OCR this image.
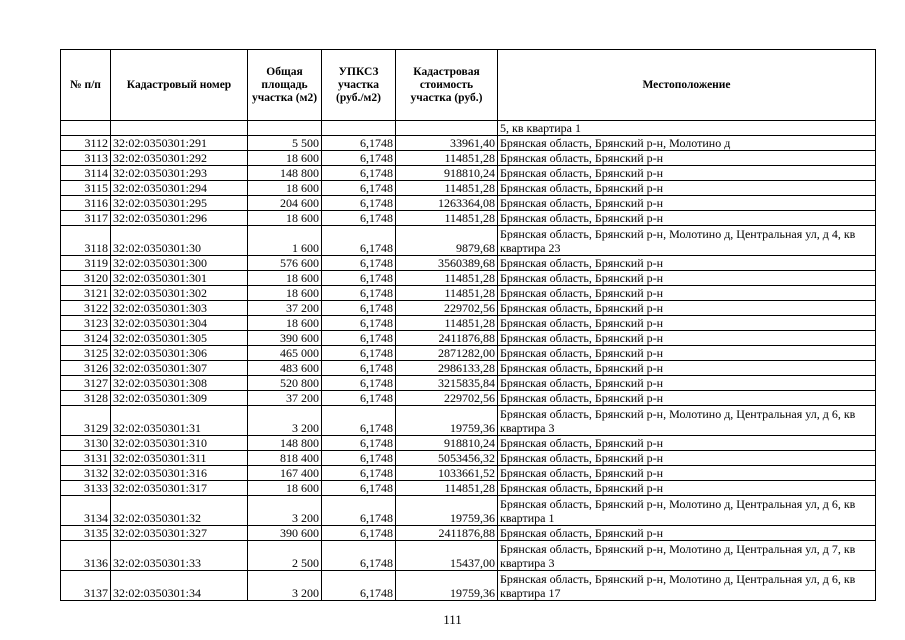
№ п/п	Кадастровый номер	Общая площадь участка (м2)	УПКСЗ участка (руб./м2)	Кадастровая стоимость участка (руб.)	Местоположение
					5, кв квартира 1
3112	32:02:0350301:291	5 500	6,1748	33961,40	Брянская область, Брянский р-н, Молотино д
3113	32:02:0350301:292	18 600	6,1748	114851,28	Брянская область, Брянский р-н
3114	32:02:0350301:293	148 800	6,1748	918810,24	Брянская область, Брянский р-н
3115	32:02:0350301:294	18 600	6,1748	114851,28	Брянская область, Брянский р-н
3116	32:02:0350301:295	204 600	6,1748	1263364,08	Брянская область, Брянский р-н
3117	32:02:0350301:296	18 600	6,1748	114851,28	Брянская область, Брянский р-н
3118	32:02:0350301:30	1 600	6,1748	9879,68	Брянская область, Брянский р-н, Молотино д, Центральная ул, д 4, кв квартира 23
3119	32:02:0350301:300	576 600	6,1748	3560389,68	Брянская область, Брянский р-н
3120	32:02:0350301:301	18 600	6,1748	114851,28	Брянская область, Брянский р-н
3121	32:02:0350301:302	18 600	6,1748	114851,28	Брянская область, Брянский р-н
3122	32:02:0350301:303	37 200	6,1748	229702,56	Брянская область, Брянский р-н
3123	32:02:0350301:304	18 600	6,1748	114851,28	Брянская область, Брянский р-н
3124	32:02:0350301:305	390 600	6,1748	2411876,88	Брянская область, Брянский р-н
3125	32:02:0350301:306	465 000	6,1748	2871282,00	Брянская область, Брянский р-н
3126	32:02:0350301:307	483 600	6,1748	2986133,28	Брянская область, Брянский р-н
3127	32:02:0350301:308	520 800	6,1748	3215835,84	Брянская область, Брянский р-н
3128	32:02:0350301:309	37 200	6,1748	229702,56	Брянская область, Брянский р-н
3129	32:02:0350301:31	3 200	6,1748	19759,36	Брянская область, Брянский р-н, Молотино д, Центральная ул, д 6, кв квартира 3
3130	32:02:0350301:310	148 800	6,1748	918810,24	Брянская область, Брянский р-н
3131	32:02:0350301:311	818 400	6,1748	5053456,32	Брянская область, Брянский р-н
3132	32:02:0350301:316	167 400	6,1748	1033661,52	Брянская область, Брянский р-н
3133	32:02:0350301:317	18 600	6,1748	114851,28	Брянская область, Брянский р-н
3134	32:02:0350301:32	3 200	6,1748	19759,36	Брянская область, Брянский р-н, Молотино д, Центральная ул, д 6, кв квартира 1
3135	32:02:0350301:327	390 600	6,1748	2411876,88	Брянская область, Брянский р-н
3136	32:02:0350301:33	2 500	6,1748	15437,00	Брянская область, Брянский р-н, Молотино д, Центральная ул, д 7, кв квартира 3
3137	32:02:0350301:34	3 200	6,1748	19759,36	Брянская область, Брянский р-н, Молотино д, Центральная ул, д 6, кв квартира 17
111
